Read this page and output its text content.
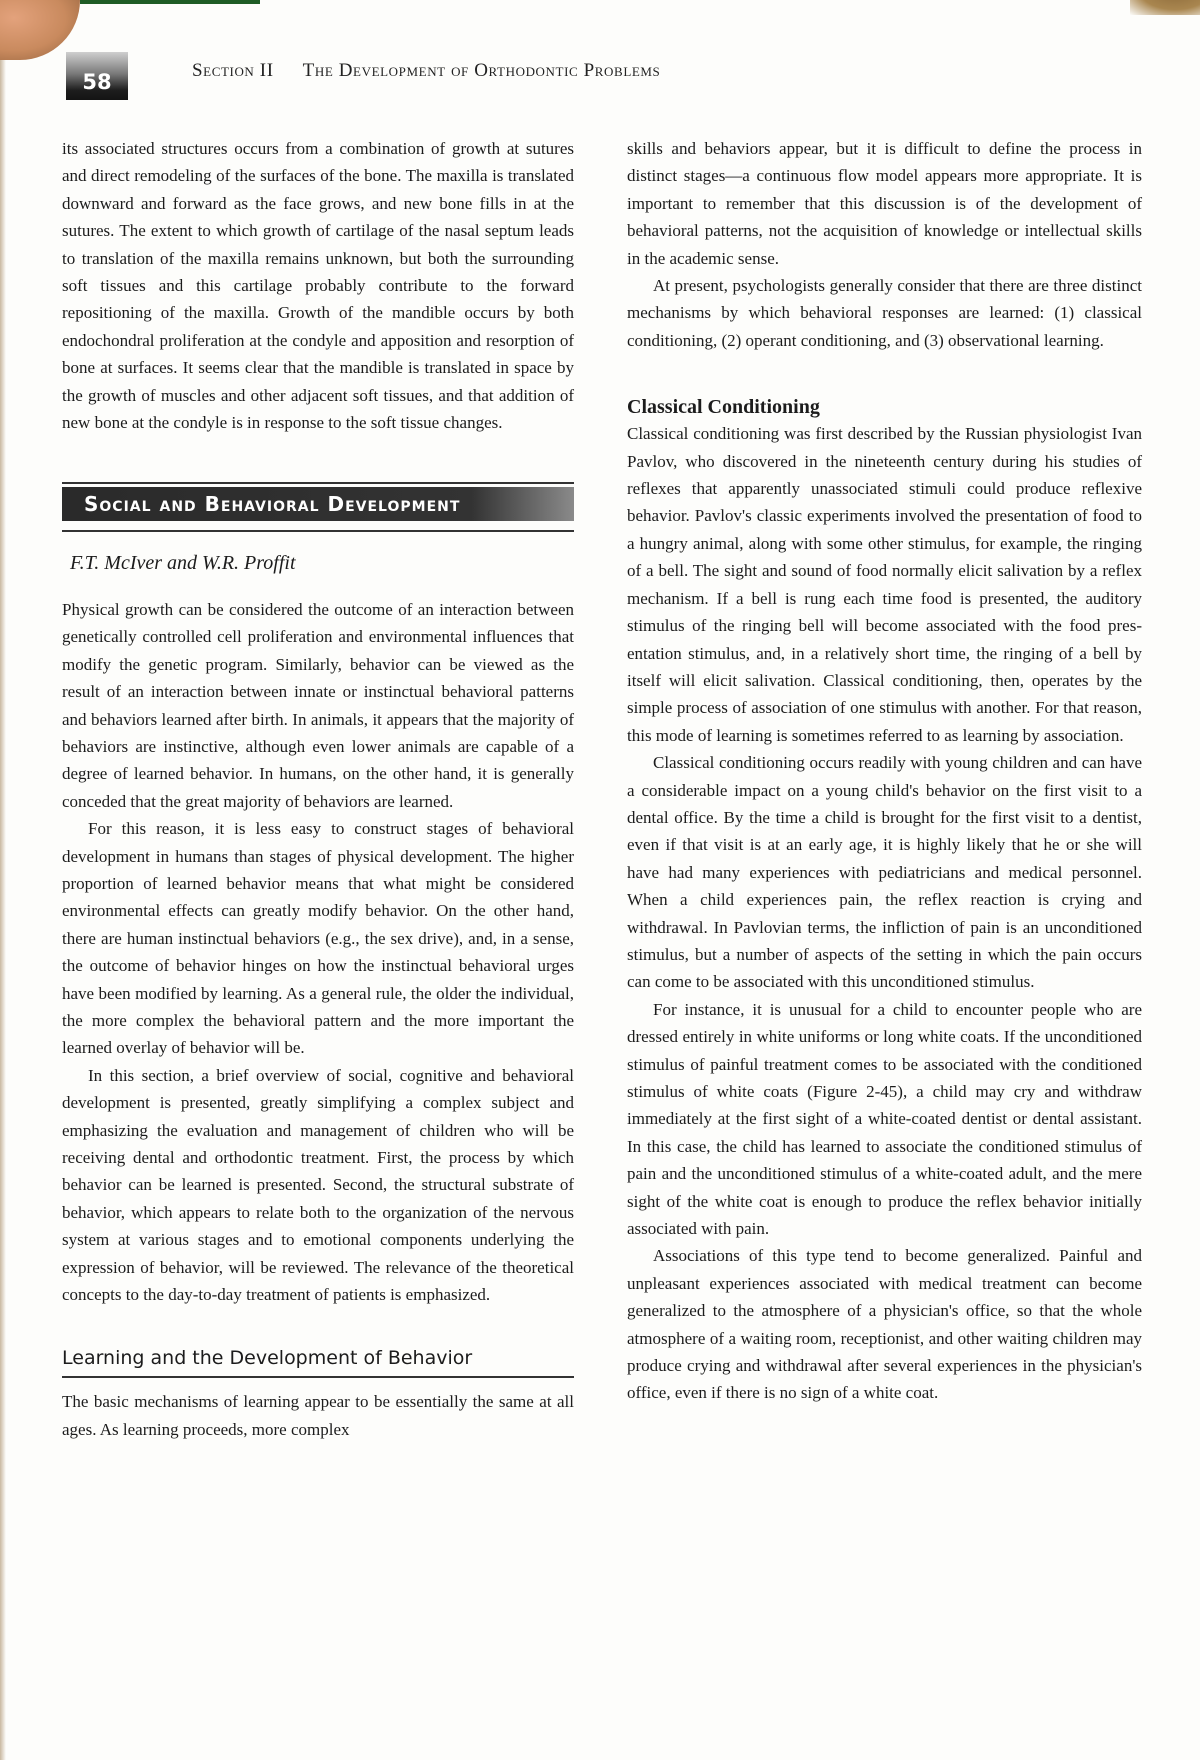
58	Section II The Development of Orthodontic Problems

its associated structures occurs from a combination of growth at sutures and direct remodeling of the surfaces of the bone. The maxilla is translated downward and forward as the face grows, and new bone fills in at the sutures. The extent to which growth of cartilage of the nasal septum leads to translation of the maxilla remains unknown, but both the surrounding soft tissues and this cartilage probably contribute to the forward repositioning of the maxilla. Growth of the mandible occurs by both endochondral proliferation at the condyle and apposition and resorption of bone at surfaces. It seems clear that the mandible is translated in space by the growth of muscles and other adjacent soft tissues, and that addition of new bone at the condyle is in response to the soft tissue changes.

Social and Behavioral Development
F.T. McIver and W.R. Proffit

Physical growth can be considered the outcome of an interaction between genetically controlled cell proliferation and environmental influences that modify the genetic program. Similarly, behavior can be viewed as the result of an interaction between innate or instinctual behavioral patterns and behaviors learned after birth. In animals, it appears that the majority of behaviors are instinctive, although even lower animals are capable of a degree of learned behavior. In humans, on the other hand, it is generally conceded that the great majority of behaviors are learned.

For this reason, it is less easy to construct stages of behavioral development in humans than stages of physical development. The higher proportion of learned behavior means that what might be considered environmental effects can greatly modify behavior. On the other hand, there are human instinctual behaviors (e.g., the sex drive), and, in a sense, the outcome of behavior hinges on how the instinctual behavioral urges have been modified by learning. As a general rule, the older the individual, the more complex the behavioral pattern and the more important the learned overlay of behavior will be.

In this section, a brief overview of social, cognitive and behavioral development is presented, greatly simplifying a complex subject and emphasizing the evaluation and management of children who will be receiving dental and orthodontic treatment. First, the process by which behavior can be learned is presented. Second, the structural substrate of behavior, which appears to relate both to the organization of the nervous system at various stages and to emotional components underlying the expression of behavior, will be reviewed. The relevance of the theoretical concepts to the day-to-day treatment of patients is emphasized.

Learning and the Development of Behavior

The basic mechanisms of learning appear to be essentially the same at all ages. As learning proceeds, more complex

skills and behaviors appear, but it is difficult to define the process in distinct stages—a continuous flow model appears more appropriate. It is important to remember that this discussion is of the development of behavioral patterns, not the acquisition of knowledge or intellectual skills in the academic sense.

At present, psychologists generally consider that there are three distinct mechanisms by which behavioral responses are learned: (1) classical conditioning, (2) operant conditioning, and (3) observational learning.

Classical Conditioning

Classical conditioning was first described by the Russian physiologist Ivan Pavlov, who discovered in the nineteenth century during his studies of reflexes that apparently unassociated stimuli could produce reflexive behavior. Pavlov's classic experiments involved the presentation of food to a hungry animal, along with some other stimulus, for example, the ringing of a bell. The sight and sound of food normally elicit salivation by a reflex mechanism. If a bell is rung each time food is presented, the auditory stimulus of the ringing bell will become associated with the food presentation stimulus, and, in a relatively short time, the ringing of a bell by itself will elicit salivation. Classical conditioning, then, operates by the simple process of association of one stimulus with another. For that reason, this mode of learning is sometimes referred to as learning by association.

Classical conditioning occurs readily with young children and can have a considerable impact on a young child's behavior on the first visit to a dental office. By the time a child is brought for the first visit to a dentist, even if that visit is at an early age, it is highly likely that he or she will have had many experiences with pediatricians and medical personnel. When a child experiences pain, the reflex reaction is crying and withdrawal. In Pavlovian terms, the infliction of pain is an unconditioned stimulus, but a number of aspects of the setting in which the pain occurs can come to be associated with this unconditioned stimulus.

For instance, it is unusual for a child to encounter people who are dressed entirely in white uniforms or long white coats. If the unconditioned stimulus of painful treatment comes to be associated with the conditioned stimulus of white coats (Figure 2-45), a child may cry and withdraw immediately at the first sight of a white-coated dentist or dental assistant. In this case, the child has learned to associate the conditioned stimulus of pain and the unconditioned stimulus of a white-coated adult, and the mere sight of the white coat is enough to produce the reflex behavior initially associated with pain.

Associations of this type tend to become generalized. Painful and unpleasant experiences associated with medical treatment can become generalized to the atmosphere of a physician's office, so that the whole atmosphere of a waiting room, receptionist, and other waiting children may produce crying and withdrawal after several experiences in the physician's office, even if there is no sign of a white coat.
